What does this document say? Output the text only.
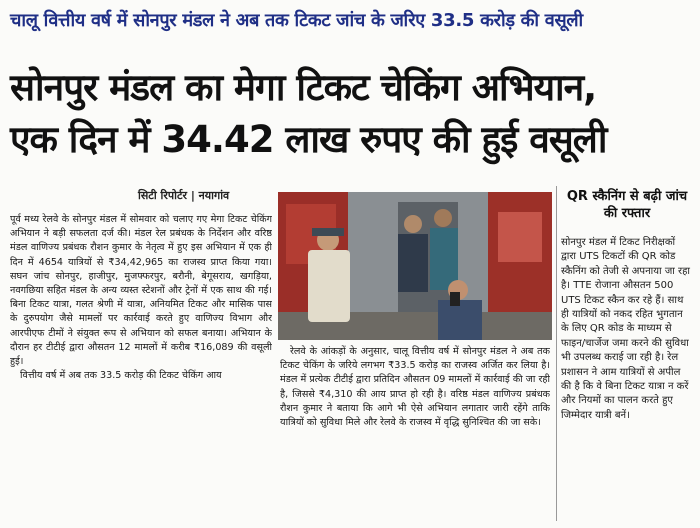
चालू वित्तीय वर्ष में सोनपुर मंडल ने अब तक टिकट जांच के जरिए 33.5 करोड़ की वसूली
सोनपुर मंडल का मेगा टिकट चेकिंग अभियान,
एक दिन में 34.42 लाख रुपए की हुई वसूली
सिटी रिपोर्टर | नयागांव

पूर्व मध्य रेलवे के सोनपुर मंडल में सोमवार को चलाए गए मेगा टिकट चेकिंग अभियान ने बड़ी सफलता दर्ज की। मंडल रेल प्रबंधक के निर्देशन और वरिष्ठ मंडल वाणिज्य प्रबंधक रौशन कुमार के नेतृत्व में हुए इस अभियान में एक ही दिन में 4654 यात्रियों से ₹34,42,965 का राजस्व प्राप्त किया गया। सघन जांच सोनपुर, हाजीपुर, मुजफ्फरपुर, बरौनी, बेगूसराय, खगड़िया, नवगछिया सहित मंडल के अन्य व्यस्त स्टेशनों और ट्रेनों में एक साथ की गई। बिना टिकट यात्रा, गलत श्रेणी में यात्रा, अनियमित टिकट और मासिक पास के दुरुपयोग जैसे मामलों पर कार्रवाई करते हुए वाणिज्य विभाग और आरपीएफ टीमों ने संयुक्त रूप से अभियान को सफल बनाया। अभियान के दौरान हर टीटीई द्वारा औसतन 12 मामलों में करीब ₹16,089 की वसूली हुई।

वित्तीय वर्ष में अब तक 33.5 करोड़ की टिकट चेकिंग आय

रेलवे के आंकड़ों के अनुसार, चालू वित्तीय वर्ष में सोनपुर मंडल ने अब तक टिकट चेकिंग के जरिये लगभग ₹33.5 करोड़ का राजस्व अर्जित कर लिया है। मंडल में प्रत्येक टीटीई द्वारा प्रतिदिन औसतन 09 मामलों में कार्रवाई की जा रही है, जिससे ₹4,310 की आय प्राप्त हो रही है। वरिष्ठ मंडल वाणिज्य प्रबंधक रौशन कुमार ने बताया कि आगे भी ऐसे अभियान लगातार जारी रहेंगे ताकि यात्रियों को सुविधा मिले और रेलवे के राजस्व में वृद्धि सुनिश्चित की जा सके।

QR स्कैनिंग से बढ़ी जांच की रफ्तार
सोनपुर मंडल में टिकट निरीक्षकों द्वारा UTS टिकटों की QR कोड स्कैनिंग को तेजी से अपनाया जा रहा है। TTE रोजाना औसतन 500 UTS टिकट स्कैन कर रहे हैं। साथ ही यात्रियों को नकद रहित भुगतान के लिए QR कोड के माध्यम से फाइन/चार्जेज जमा करने की सुविधा भी उपलब्ध कराई जा रही है। रेल प्रशासन ने आम यात्रियों से अपील की है कि वे बिना टिकट यात्रा न करें और नियमों का पालन करते हुए जिम्मेदार यात्री बनें।
